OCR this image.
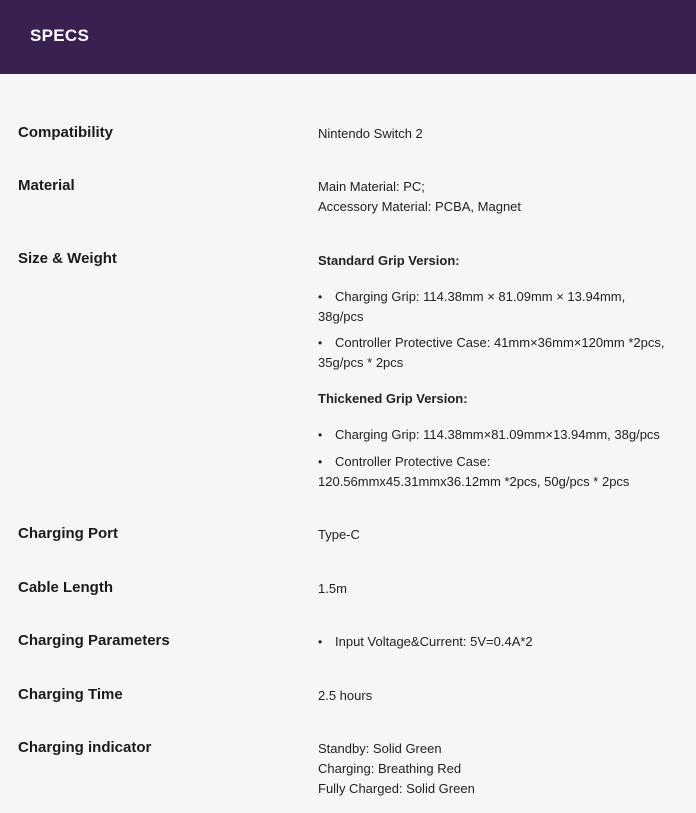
SPECS
Compatibility	Nintendo Switch 2
Material	Main Material: PC;
Accessory Material: PCBA, Magnet
Size & Weight	Standard Grip Version:
• Charging Grip: 114.38mm × 81.09mm × 13.94mm,
38g/pcs
• Controller Protective Case: 41mm×36mm×120mm *2pcs,
35g/pcs * 2pcs
Thickened Grip Version:
• Charging Grip: 114.38mm×81.09mm×13.94mm, 38g/pcs
• Controller Protective Case:
120.56mmx45.31mmx36.12mm *2pcs, 50g/pcs * 2pcs
Charging Port	Type-C
Cable Length	1.5m
Charging Parameters
•	Input Voltage&Current: 5V=0.4A*2
Charging Time	2.5 hours
Charging indicator	Standby: Solid Green
Charging: Breathing Red
Fully Charged: Solid Green
